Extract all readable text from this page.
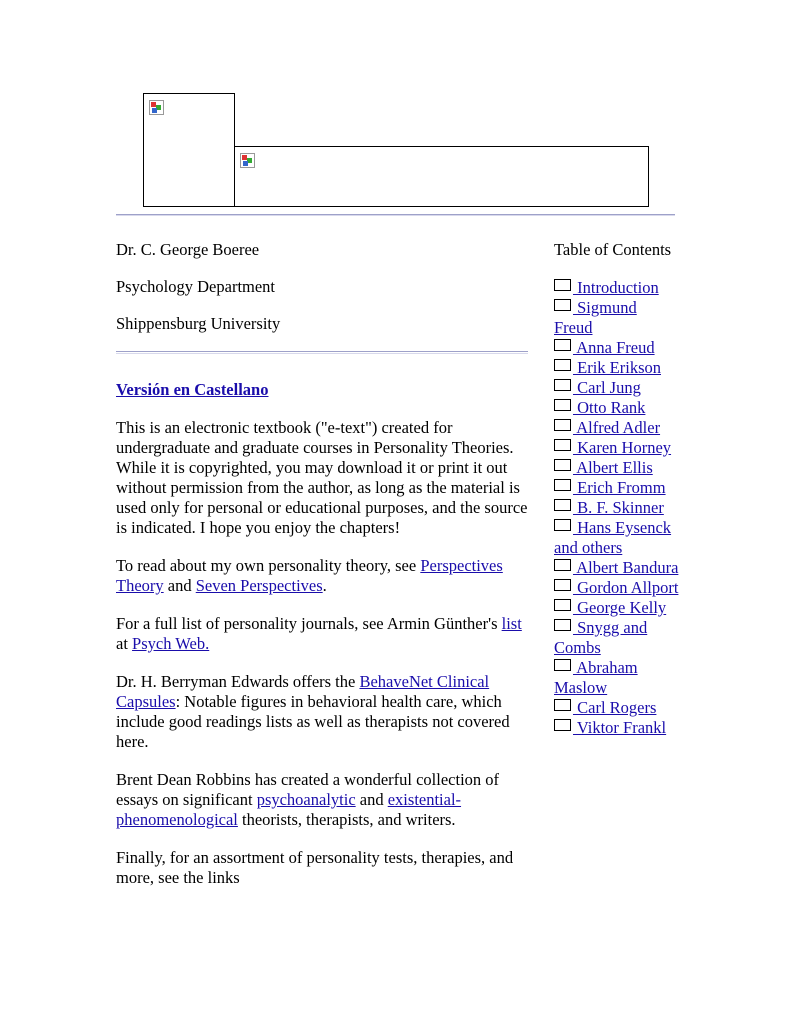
Dr. C. George Boeree

Psychology Department

Shippensburg University

Versión en Castellano

This is an electronic textbook ("e-text") created for undergraduate and graduate courses in Personality Theories. While it is copyrighted, you may download it or print it out without permission from the author, as long as the material is used only for personal or educational purposes, and the source is indicated. I hope you enjoy the chapters!

To read about my own personality theory, see Perspectives Theory and Seven Perspectives.

For a full list of personality journals, see Armin Günther's list at Psych Web.

Dr. H. Berryman Edwards offers the BehaveNet Clinical Capsules: Notable figures in behavioral health care, which include good readings lists as well as therapists not covered here.

Brent Dean Robbins has created a wonderful collection of essays on significant psychoanalytic and existential-phenomenological theorists, therapists, and writers.

Finally, for an assortment of personality tests, therapies, and more, see the links

Table of Contents

Introduction
Sigmund Freud
Anna Freud
Erik Erikson
Carl Jung
Otto Rank
Alfred Adler
Karen Horney
Albert Ellis
Erich Fromm
B. F. Skinner
Hans Eysenck and others
Albert Bandura
Gordon Allport
George Kelly
Snygg and Combs
Abraham Maslow
Carl Rogers
Viktor Frankl
